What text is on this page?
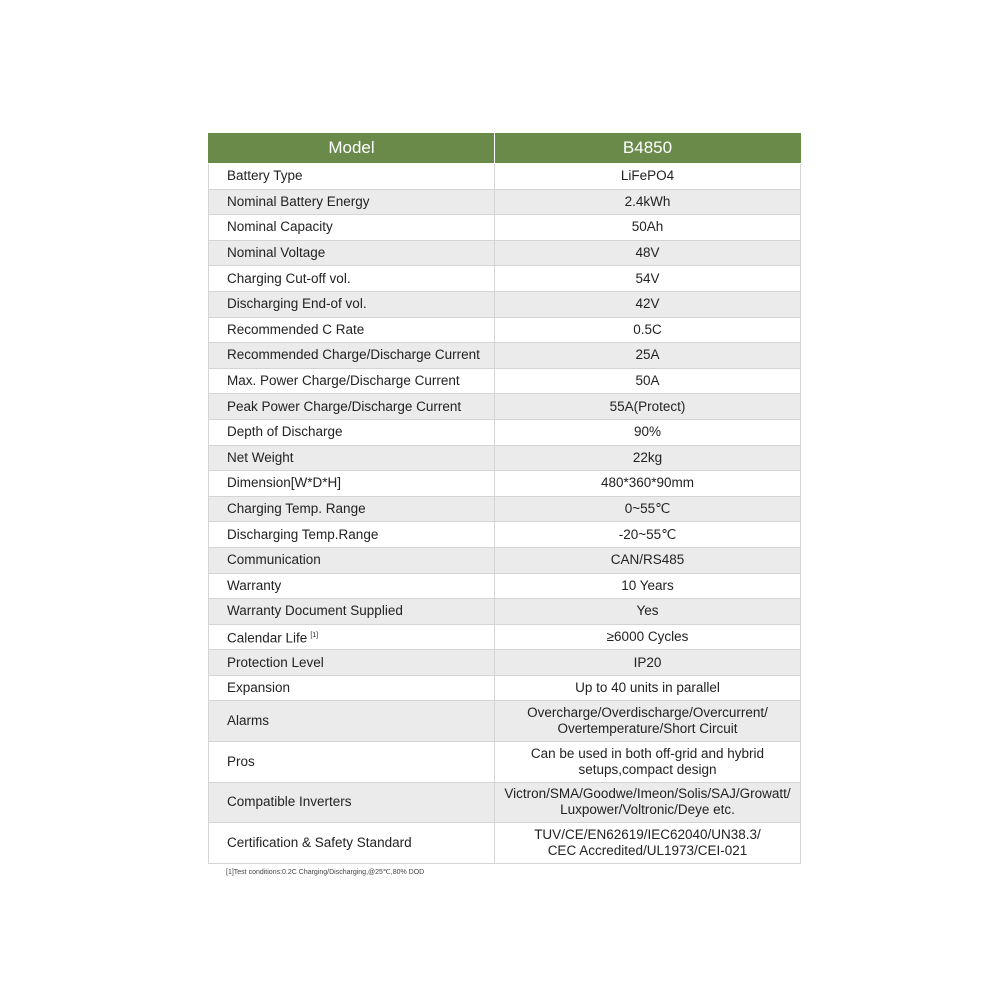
Model	B4850
Battery Type	LiFePO4
Nominal Battery Energy	2.4kWh
Nominal Capacity	50Ah
Nominal Voltage	48V
Charging Cut-off vol.	54V
Discharging End-of vol.	42V
Recommended C Rate	0.5C
Recommended Charge/Discharge Current	25A
Max. Power Charge/Discharge Current	50A
Peak Power Charge/Discharge Current	55A(Protect)
Depth of Discharge	90%
Net Weight	22kg
Dimension[W*D*H]	480*360*90mm
Charging Temp. Range	0~55℃
Discharging Temp.Range	-20~55℃
Communication	CAN/RS485
Warranty	10 Years
Warranty Document Supplied	Yes
Calendar Life [1]	≥6000 Cycles
Protection Level	IP20
Expansion	Up to 40 units in parallel
Alarms	Overcharge/Overdischarge/Overcurrent/
Overtemperature/Short Circuit

Pros	Can be used in both off-grid and hybrid
setups,compact design

Compatible Inverters	Victron/SMA/Goodwe/Imeon/Solis/SAJ/Growatt/
Luxpower/Voltronic/Deye etc.

Certification & Safety Standard	TUV/CE/EN62619/IEC62040/UN38.3/
CEC Accredited/UL1973/CEI-021
[1]Test conditions:0.2C Charging/Discharging,@25℃,80% DOD
